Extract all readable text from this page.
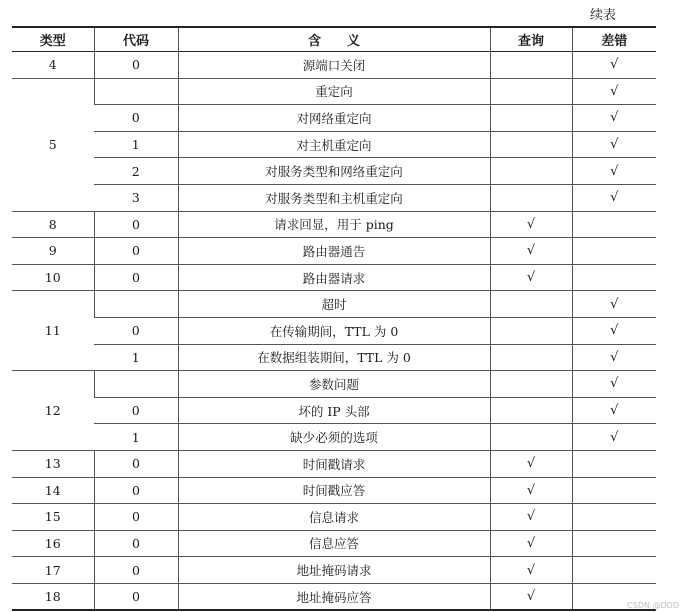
续表
类型	代码	含　　义	查询	差错
4	0	源端口关闭		√
5		重定向		√
	0	对网络重定向		√
	1	对主机重定向		√
	2	对服务类型和网络重定向		√
	3	对服务类型和主机重定向		√
8	0	请求回显，用于 ping	√	
9	0	路由器通告	√	
10	0	路由器请求	√	
11		超时		√
	0	在传输期间，TTL 为 0		√
	1	在数据组装期间，TTL 为 0		√
12		参数问题		√
	0	坏的 IP 头部		√
	1	缺少必须的选项		√
13	0	时间戳请求	√	
14	0	时间戳应答	√	
15	0	信息请求	√	
16	0	信息应答	√	
17	0	地址掩码请求	√	
18	0	地址掩码应答	√	
CSDN @DDD
